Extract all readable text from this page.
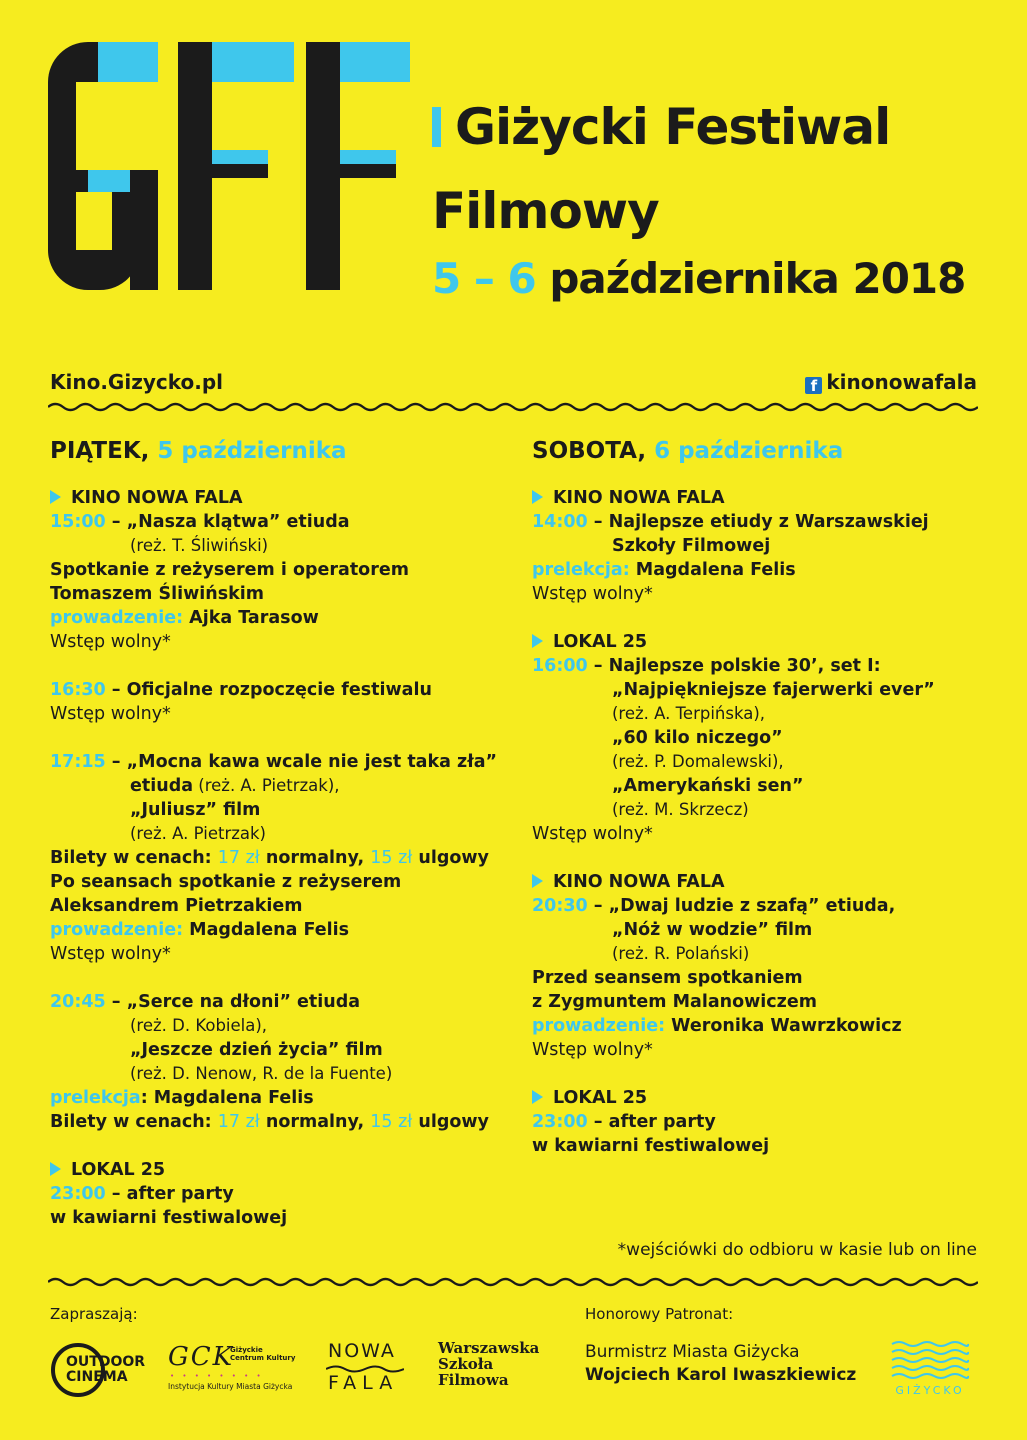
Giżycki Festiwal
Filmowy
5 – 6 października 2018
Kino.Gizycko.pl	f kinonowafala
PIĄTEK, 5 października
KINO NOWA FALA
15:00 – „Nasza klątwa” etiuda
(reż. T. Śliwiński)
Spotkanie z reżyserem i operatorem
Tomaszem Śliwińskim
prowadzenie: Ajka Tarasow
Wstęp wolny*
16:30 – Oficjalne rozpoczęcie festiwalu
Wstęp wolny*
17:15 – „Mocna kawa wcale nie jest taka zła”
etiuda (reż. A. Pietrzak),
„Juliusz” film
(reż. A. Pietrzak)
Bilety w cenach: 17 zł normalny, 15 zł ulgowy
Po seansach spotkanie z reżyserem
Aleksandrem Pietrzakiem
prowadzenie: Magdalena Felis
Wstęp wolny*
20:45 – „Serce na dłoni” etiuda
(reż. D. Kobiela),
„Jeszcze dzień życia” film
(reż. D. Nenow, R. de la Fuente)
prelekcja: Magdalena Felis
Bilety w cenach: 17 zł normalny, 15 zł ulgowy
LOKAL 25
23:00 – after party
w kawiarni festiwalowej
SOBOTA, 6 października
KINO NOWA FALA
14:00 – Najlepsze etiudy z Warszawskiej
Szkoły Filmowej
prelekcja: Magdalena Felis
Wstęp wolny*
LOKAL 25
16:00 – Najlepsze polskie 30’, set I:
„Najpiękniejsze fajerwerki ever”
(reż. A. Terpińska),
„60 kilo niczego”
(reż. P. Domalewski),
„Amerykański sen”
(reż. M. Skrzecz)
Wstęp wolny*
KINO NOWA FALA
20:30 – „Dwaj ludzie z szafą” etiuda,
„Nóż w wodzie” film
(reż. R. Polański)
Przed seansem spotkaniem
z Zygmuntem Malanowiczem
prowadzenie: Weronika Wawrzkowicz
Wstęp wolny*
LOKAL 25
23:00 – after party
w kawiarni festiwalowej
*wejściówki do odbioru w kasie lub on line
Zapraszają:	Honorowy Patronat:
Burmistrz Miasta Giżycka
Wojciech Karol Iwaszkiewicz
OUTDOOR
CINEMA
GCK
Giżyckie
Centrum Kultury
• • • • • • • •
Instytucja Kultury Miasta Giżycka
NOWA
FALA
Warszawska
Szkoła
Filmowa
GIŻYCKO
